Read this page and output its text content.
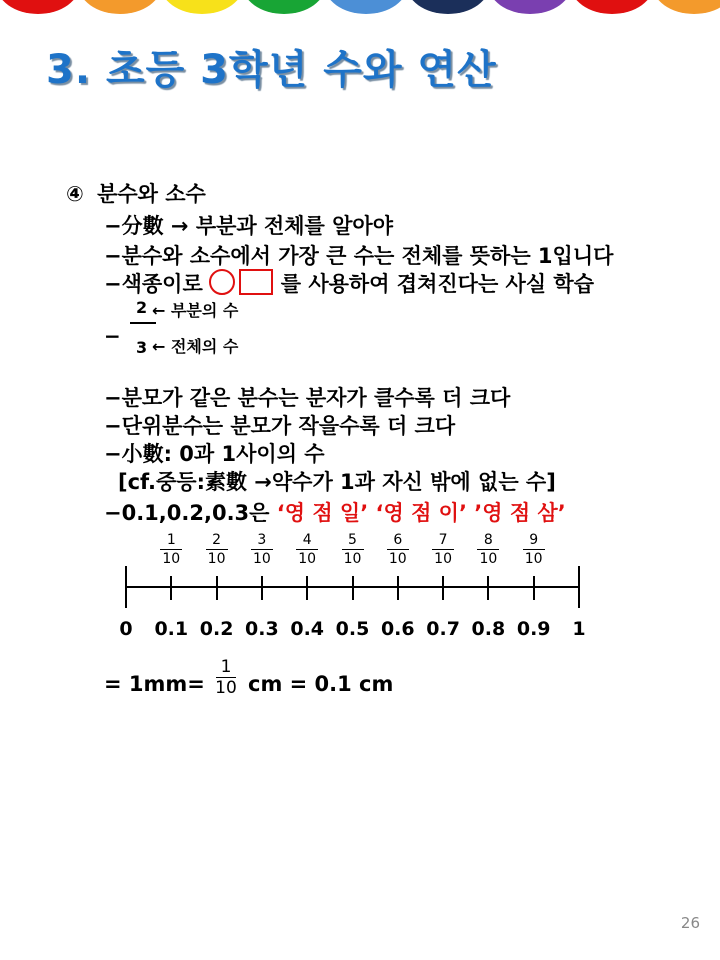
3. 초등 3학년 수와 연산
④ 분수와 소수
−分數 → 부분과 전체를 알아야
−분수와 소수에서 가장 큰 수는 전체를 뜻하는 1입니다
−색종이로	를 사용하여 겹쳐진다는 사실 학습
−
2
3
← 부분의 수
← 전체의 수
−분모가 같은 분수는 분자가 클수록 더 크다
−단위분수는 분모가 작을수록 더 크다
−小數: 0과 1사이의 수
[cf.중등:素數 →약수가 1과 자신 밖에 없는 수]
−0.1,0.2,0.3은 ‘영 점 일’ ‘영 점 이’ ’영 점 삼’
1
10
2
10
3
10
4
10
5
10
6
10
7
10
8
10
9
10
0	0.1 0.2 0.3 0.4 0.5 0.6 0.7 0.8 0.9	1
= 1mm=
1
10 cm = 0.1 cm
26
